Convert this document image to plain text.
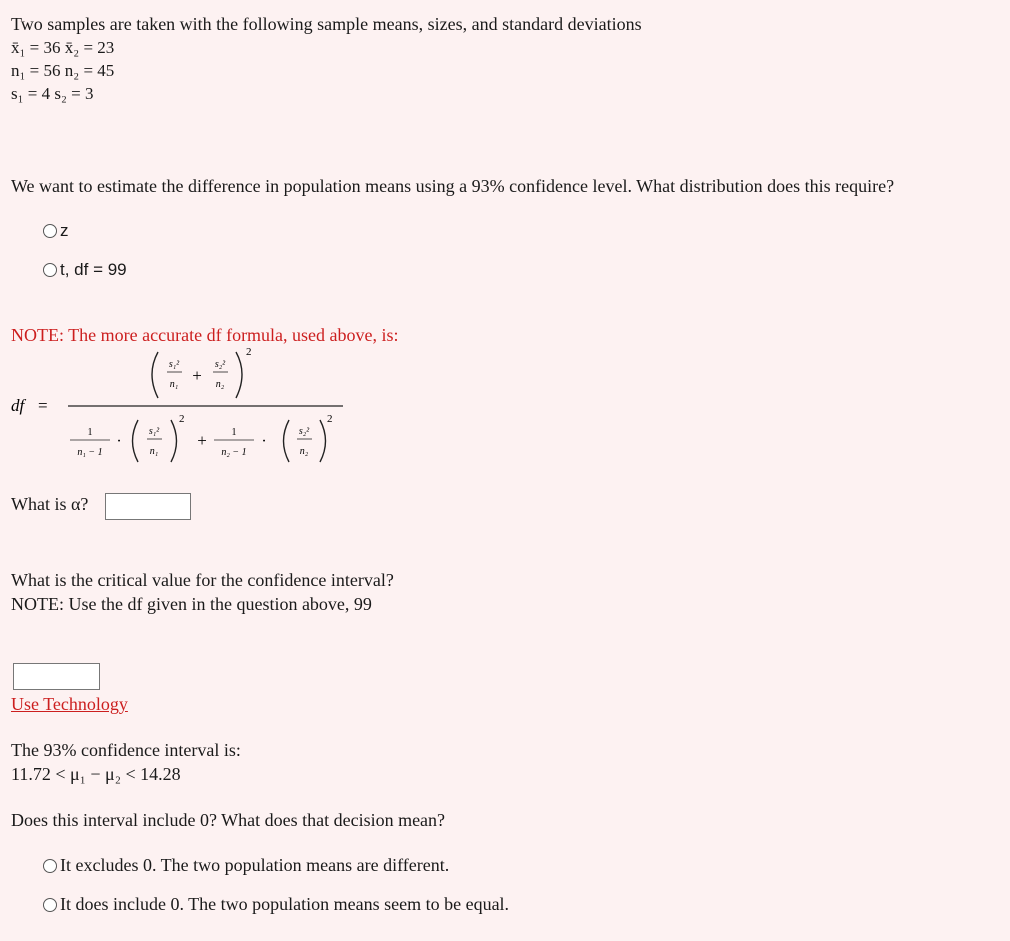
Two samples are taken with the following sample means, sizes, and standard deviations
x̄₁ = 36 x̄₂ = 23
n₁ = 56 n₂ = 45
s₁ = 4 s₂ = 3
We want to estimate the difference in population means using a 93% confidence level. What distribution does this require?
z
t, df = 99
NOTE: The more accurate df formula, used above, is:
df =
s₁²
n₁ +
s₂²
n₂
2
1
n₁ − 1
·
s₁²
n₁
2
+ 1
n₂ − 1
·
s₂²
n₂
2
What is α?
What is the critical value for the confidence interval?
NOTE: Use the df given in the question above, 99
Use Technology
The 93% confidence interval is:
11.72 < μ₁ − μ₂ < 14.28
Does this interval include 0? What does that decision mean?
It excludes 0. The two population means are different.
It does include 0. The two population means seem to be equal.
